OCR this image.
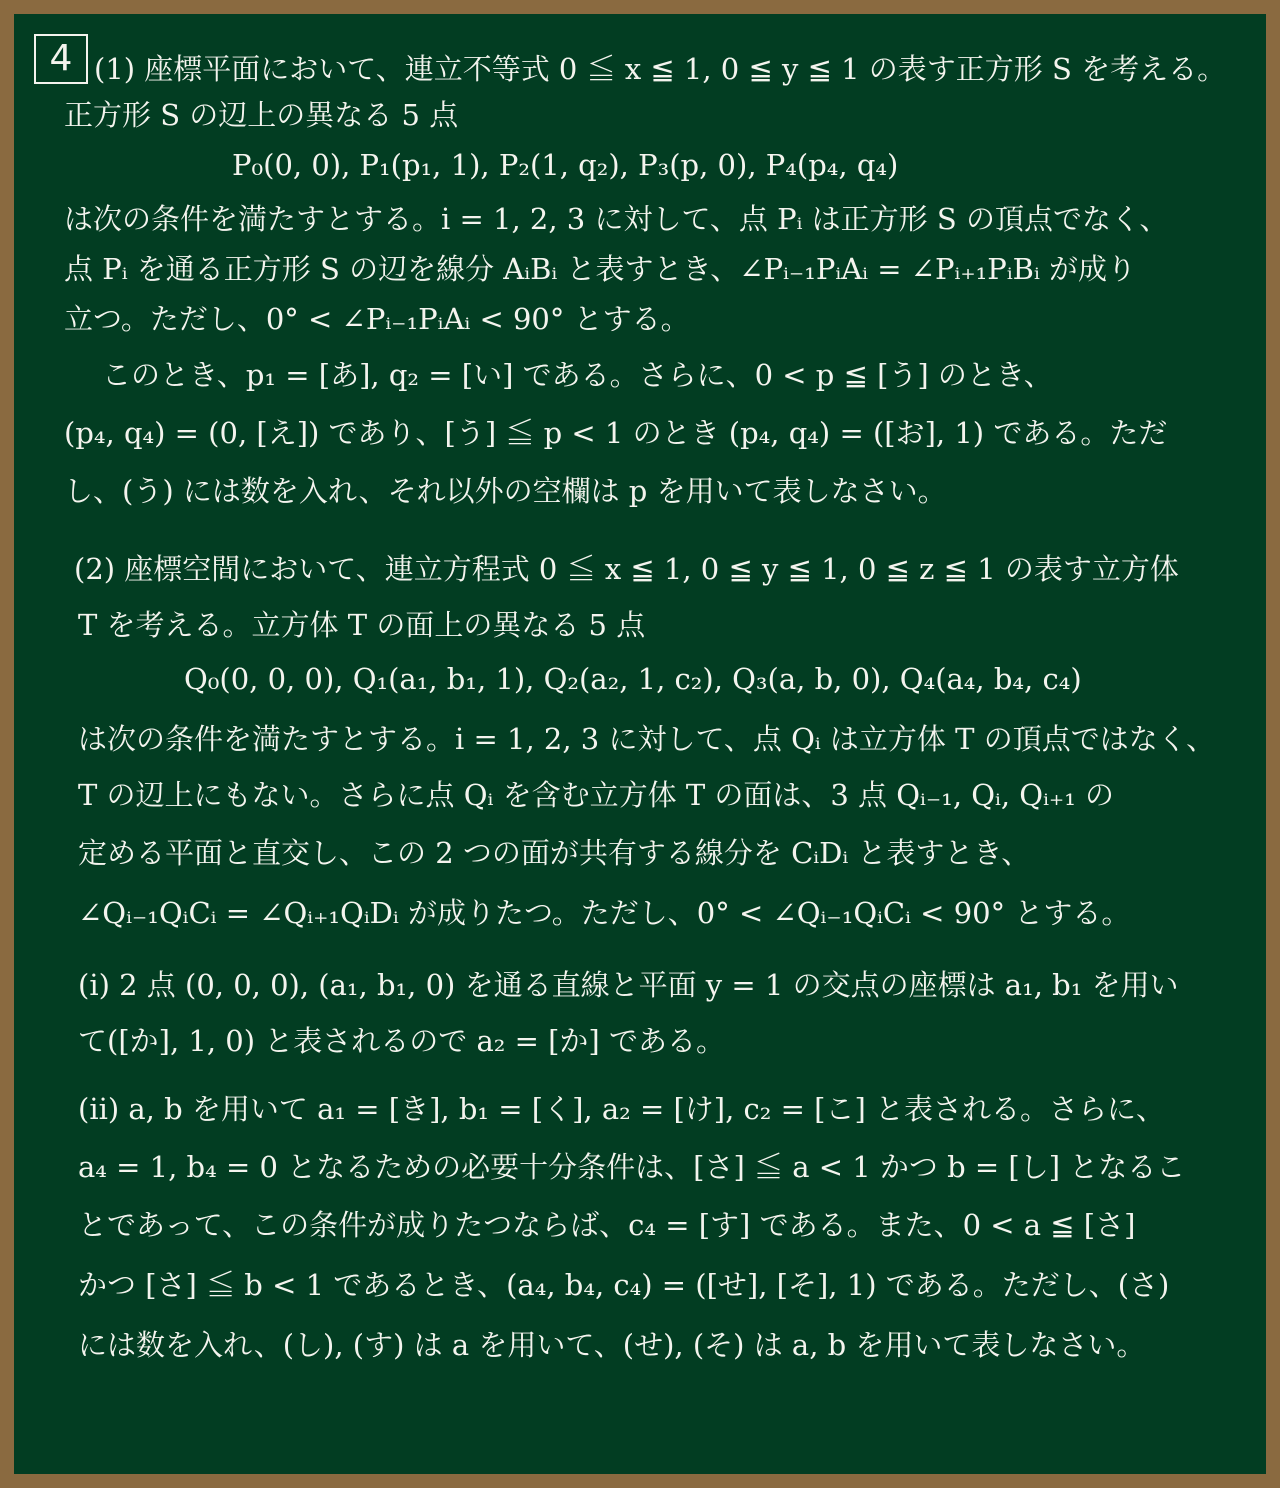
4 (1) 座標平面において、連立不等式 0 ≦ x ≦ 1, 0 ≦ y ≦ 1 の表す正方形 S を考える。
正方形 S の辺上の異なる 5 点
P₀(0, 0), P₁(p₁, 1), P₂(1, q₂), P₃(p, 0), P₄(p₄, q₄)
は次の条件を満たすとする。i = 1, 2, 3 に対して、点 Pᵢ は正方形 S の頂点でなく、
点 Pᵢ を通る正方形 S の辺を線分 AᵢBᵢ と表すとき、∠Pᵢ₋₁PᵢAᵢ = ∠Pᵢ₊₁PᵢBᵢ が成り
立つ。ただし、0° < ∠Pᵢ₋₁PᵢAᵢ < 90° とする。
このとき、p₁ = [あ], q₂ = [い] である。さらに、0 < p ≦ [う] のとき、
(p₄, q₄) = (0, [え]) であり、[う] ≦ p < 1 のとき (p₄, q₄) = ([お], 1) である。ただ
し、(う) には数を入れ、それ以外の空欄は p を用いて表しなさい。
(2) 座標空間において、連立方程式 0 ≦ x ≦ 1, 0 ≦ y ≦ 1, 0 ≦ z ≦ 1 の表す立方体
T を考える。立方体 T の面上の異なる 5 点
Q₀(0, 0, 0), Q₁(a₁, b₁, 1), Q₂(a₂, 1, c₂), Q₃(a, b, 0), Q₄(a₄, b₄, c₄)
は次の条件を満たすとする。i = 1, 2, 3 に対して、点 Qᵢ は立方体 T の頂点ではなく、
T の辺上にもない。さらに点 Qᵢ を含む立方体 T の面は、3 点 Qᵢ₋₁, Qᵢ, Qᵢ₊₁ の
定める平面と直交し、この 2 つの面が共有する線分を CᵢDᵢ と表すとき、
∠Qᵢ₋₁QᵢCᵢ = ∠Qᵢ₊₁QᵢDᵢ が成りたつ。ただし、0° < ∠Qᵢ₋₁QᵢCᵢ < 90° とする。
(i) 2 点 (0, 0, 0), (a₁, b₁, 0) を通る直線と平面 y = 1 の交点の座標は a₁, b₁ を用い
て([か], 1, 0) と表されるので a₂ = [か] である。
(ii) a, b を用いて a₁ = [き], b₁ = [く], a₂ = [け], c₂ = [こ] と表される。さらに、
a₄ = 1, b₄ = 0 となるための必要十分条件は、[さ] ≦ a < 1 かつ b = [し] となるこ
とであって、この条件が成りたつならば、c₄ = [す] である。また、0 < a ≦ [さ]
かつ [さ] ≦ b < 1 であるとき、(a₄, b₄, c₄) = ([せ], [そ], 1) である。ただし、(さ)
には数を入れ、(し), (す) は a を用いて、(せ), (そ) は a, b を用いて表しなさい。
